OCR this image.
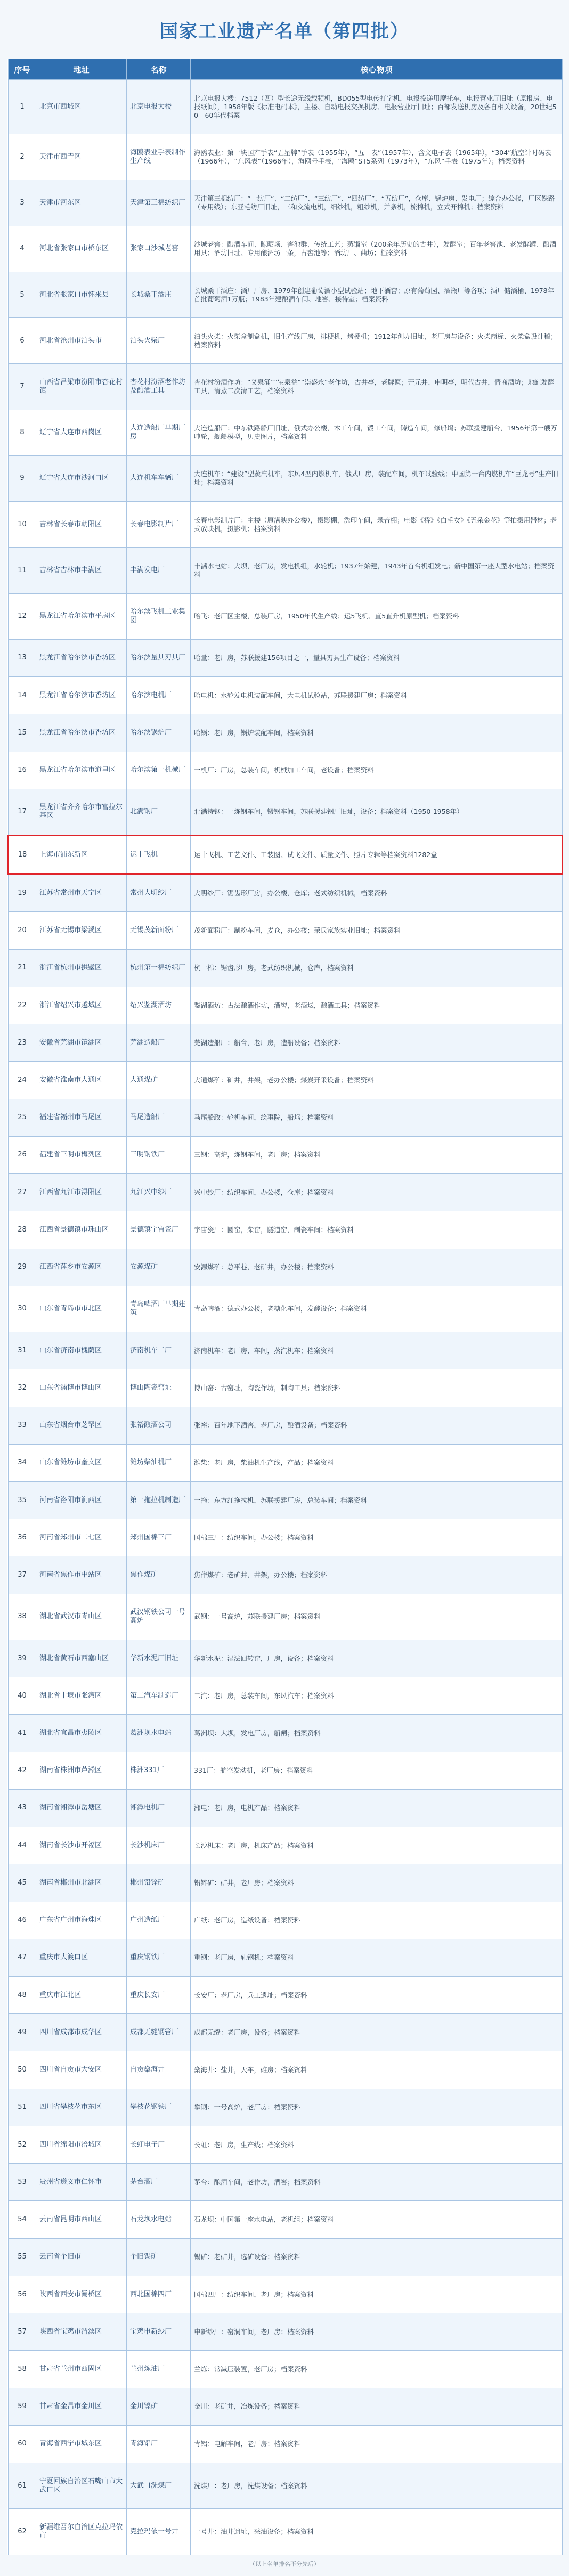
国家工业遗产名单（第四批）
序号	地址	名称	核心物项
1	北京市西城区	北京电报大楼	北京电报大楼：7512（四）型长途无线载频机，BD055型电传打字机，电报投递用摩托车，电报营业厅旧址（原报房、电报纸间），1958年版《标准电码本》，主楼、自动电报交换机房、电报营业厅旧址；百部发送机房及各自相关设备，20世纪50—60年代档案
2	天津市西青区	海鸥表业手表制作生产线	海鸥表业：第一块国产手表“五星牌”手表（1955年），“五一表”（1957年），含文电子表（1965年），“304”航空计时码表（1966年），“东风表”（1966年），海鸥号手表，“海鸥”ST5系列（1973年），“东风”手表（1975年）；档案资料
3	天津市河东区	天津第三棉纺织厂	天津第三棉纺厂：“一纺厂”、“二纺厂”、“三纺厂”、“四纺厂”、“五纺厂”，仓库、锅炉房、发电厂；综合办公楼，厂区铁路（专用线）；东亚毛纺厂旧址，三和交流电机，细纱机，粗纱机，并条机，梳棉机，立式开棉机；档案资料
4	河北省张家口市桥东区	张家口沙城老窖	沙城老窖：酿酒车间、晾晒场、窖池群、传统工艺；蒸馏室（200余年历史的古井），发酵室；百年老窖池、老发酵罐、酿酒用具；酒坊旧址、专用酿酒坊一条，古窖池等；酒坊厂、曲坊；档案资料
5	河北省张家口市怀来县	长城桑干酒庄	长城桑干酒庄：酒厂厂房、1979年创建葡萄酒小型试验站；地下酒窖；原有葡萄园、酒瓶厂等各项；酒厂储酒桶、1978年首批葡萄酒1万瓶；1983年建酿酒车间、地窖、接待室；档案资料
6	河北省沧州市泊头市	泊头火柴厂	泊头火柴：火柴盒制盒机，旧生产线厂房，排梗机，烤梗机；1912年创办旧址，老厂房与设备；火柴商标、火柴盒设计稿；档案资料
7	山西省吕梁市汾阳市杏花村镇	杏花村汾酒老作坊及酿酒工具	杏花村汾酒作坊：“义泉涌”“宝泉益”“崇盛永”老作坊，古井亭，老牌匾；开元井、申明亭，明代古井，晋商酒坊；地缸发酵工具，清蒸二次清工艺，档案资料
8	辽宁省大连市西岗区	大连造船厂早期厂房	大连造船厂：中东铁路船厂旧址，俄式办公楼，木工车间，锻工车间，铸造车间，修船坞；苏联援建船台，1956年第一艘万吨轮，舰船模型，历史图片，档案资料
9	辽宁省大连市沙河口区	大连机车车辆厂	大连机车：“建设”型蒸汽机车，东风4型内燃机车，俄式厂房，装配车间，机车试验线；中国第一台内燃机车“巨龙号”生产旧址；档案资料
10	吉林省长春市朝阳区	长春电影制片厂	长春电影制片厂：主楼（原满映办公楼），摄影棚，洗印车间，录音棚；电影《桥》《白毛女》《五朵金花》等拍摄用器材；老式放映机，摄影机；档案资料
11	吉林省吉林市丰满区	丰满发电厂	丰满水电站：大坝，老厂房，发电机组，水轮机；1937年始建，1943年首台机组发电；新中国第一座大型水电站；档案资料
12	黑龙江省哈尔滨市平房区	哈尔滨飞机工业集团	哈飞：老厂区主楼，总装厂房，1950年代生产线；运5飞机、直5直升机原型机；档案资料
13	黑龙江省哈尔滨市香坊区	哈尔滨量具刃具厂	哈量：老厂房，苏联援建156项目之一，量具刃具生产设备；档案资料
14	黑龙江省哈尔滨市香坊区	哈尔滨电机厂	哈电机：水轮发电机装配车间，大电机试验站，苏联援建厂房；档案资料
15	黑龙江省哈尔滨市香坊区	哈尔滨锅炉厂	哈锅：老厂房，锅炉装配车间，档案资料
16	黑龙江省哈尔滨市道里区	哈尔滨第一机械厂	一机厂：厂房，总装车间，机械加工车间，老设备；档案资料
17	黑龙江省齐齐哈尔市富拉尔基区	北满钢厂	北满特钢：一炼钢车间，锻钢车间，苏联援建钢厂旧址，设备；档案资料（1950-1958年）
18	上海市浦东新区	运十飞机	运十飞机、工艺文件、工装图、试飞文件、质量文件、照片专辑等档案资料1282盒
19	江苏省常州市天宁区	常州大明纱厂	大明纱厂：锯齿形厂房，办公楼，仓库；老式纺织机械，档案资料
20	江苏省无锡市梁溪区	无锡茂新面粉厂	茂新面粉厂：制粉车间，麦仓，办公楼；荣氏家族实业旧址；档案资料
21	浙江省杭州市拱墅区	杭州第一棉纺织厂	杭一棉：锯齿形厂房，老式纺织机械，仓库，档案资料
22	浙江省绍兴市越城区	绍兴鉴湖酒坊	鉴湖酒坊：古法酿酒作坊，酒窖，老酒坛，酿酒工具；档案资料
23	安徽省芜湖市镜湖区	芜湖造船厂	芜湖造船厂：船台，老厂房，造船设备；档案资料
24	安徽省淮南市大通区	大通煤矿	大通煤矿：矿井，井架，老办公楼；煤炭开采设备；档案资料
25	福建省福州市马尾区	马尾造船厂	马尾船政：轮机车间，绘事院，船坞；档案资料
26	福建省三明市梅列区	三明钢铁厂	三钢：高炉，炼钢车间，老厂房；档案资料
27	江西省九江市浔阳区	九江兴中纱厂	兴中纱厂：纺织车间，办公楼，仓库；档案资料
28	江西省景德镇市珠山区	景德镇宇宙瓷厂	宇宙瓷厂：圆窑，柴窑，隧道窑，制瓷车间；档案资料
29	江西省萍乡市安源区	安源煤矿	安源煤矿：总平巷，老矿井，办公楼；档案资料
30	山东省青岛市市北区	青岛啤酒厂早期建筑	青岛啤酒：德式办公楼，老糖化车间，发酵设备；档案资料
31	山东省济南市槐荫区	济南机车工厂	济南机车：老厂房，车间，蒸汽机车；档案资料
32	山东省淄博市博山区	博山陶瓷窑址	博山窑：古窑址，陶瓷作坊，制陶工具；档案资料
33	山东省烟台市芝罘区	张裕酿酒公司	张裕：百年地下酒窖，老厂房，酿酒设备；档案资料
34	山东省潍坊市奎文区	潍坊柴油机厂	潍柴：老厂房，柴油机生产线，产品；档案资料
35	河南省洛阳市涧西区	第一拖拉机制造厂	一拖：东方红拖拉机，苏联援建厂房，总装车间；档案资料
36	河南省郑州市二七区	郑州国棉三厂	国棉三厂：纺织车间，办公楼；档案资料
37	河南省焦作市中站区	焦作煤矿	焦作煤矿：老矿井，井架，办公楼；档案资料
38	湖北省武汉市青山区	武汉钢铁公司一号高炉	武钢：一号高炉，苏联援建厂房；档案资料
39	湖北省黄石市西塞山区	华新水泥厂旧址	华新水泥：湿法回转窑，厂房，设备；档案资料
40	湖北省十堰市张湾区	第二汽车制造厂	二汽：老厂房，总装车间，东风汽车；档案资料
41	湖北省宜昌市夷陵区	葛洲坝水电站	葛洲坝：大坝，发电厂房，船闸；档案资料
42	湖南省株洲市芦淞区	株洲331厂	331厂：航空发动机，老厂房；档案资料
43	湖南省湘潭市岳塘区	湘潭电机厂	湘电：老厂房，电机产品；档案资料
44	湖南省长沙市开福区	长沙机床厂	长沙机床：老厂房，机床产品；档案资料
45	湖南省郴州市北湖区	郴州铅锌矿	铅锌矿：矿井，老厂房；档案资料
46	广东省广州市海珠区	广州造纸厂	广纸：老厂房，造纸设备；档案资料
47	重庆市大渡口区	重庆钢铁厂	重钢：老厂房，轧钢机；档案资料
48	重庆市江北区	重庆长安厂	长安厂：老厂房，兵工遗址；档案资料
49	四川省成都市成华区	成都无缝钢管厂	成都无缝：老厂房，设备；档案资料
50	四川省自贡市大安区	自贡燊海井	燊海井：盐井，天车，碓房；档案资料
51	四川省攀枝花市东区	攀枝花钢铁厂	攀钢：一号高炉，老厂房；档案资料
52	四川省绵阳市涪城区	长虹电子厂	长虹：老厂房，生产线；档案资料
53	贵州省遵义市仁怀市	茅台酒厂	茅台：酿酒车间，老作坊，酒窖；档案资料
54	云南省昆明市西山区	石龙坝水电站	石龙坝：中国第一座水电站，老机组；档案资料
55	云南省个旧市	个旧锡矿	锡矿：老矿井，选矿设备；档案资料
56	陕西省西安市灞桥区	西北国棉四厂	国棉四厂：纺织车间，老厂房；档案资料
57	陕西省宝鸡市渭滨区	宝鸡申新纱厂	申新纱厂：窑洞车间，老厂房；档案资料
58	甘肃省兰州市西固区	兰州炼油厂	兰炼：常减压装置，老厂房；档案资料
59	甘肃省金昌市金川区	金川镍矿	金川：老矿井，冶炼设备；档案资料
60	青海省西宁市城东区	青海铝厂	青铝：电解车间，老厂房；档案资料
61	宁夏回族自治区石嘴山市大武口区	大武口洗煤厂	洗煤厂：老厂房，洗煤设备；档案资料
62	新疆维吾尔自治区克拉玛依市	克拉玛依一号井	一号井：油井遗址，采油设备；档案资料
（以上名单排名不分先后）
